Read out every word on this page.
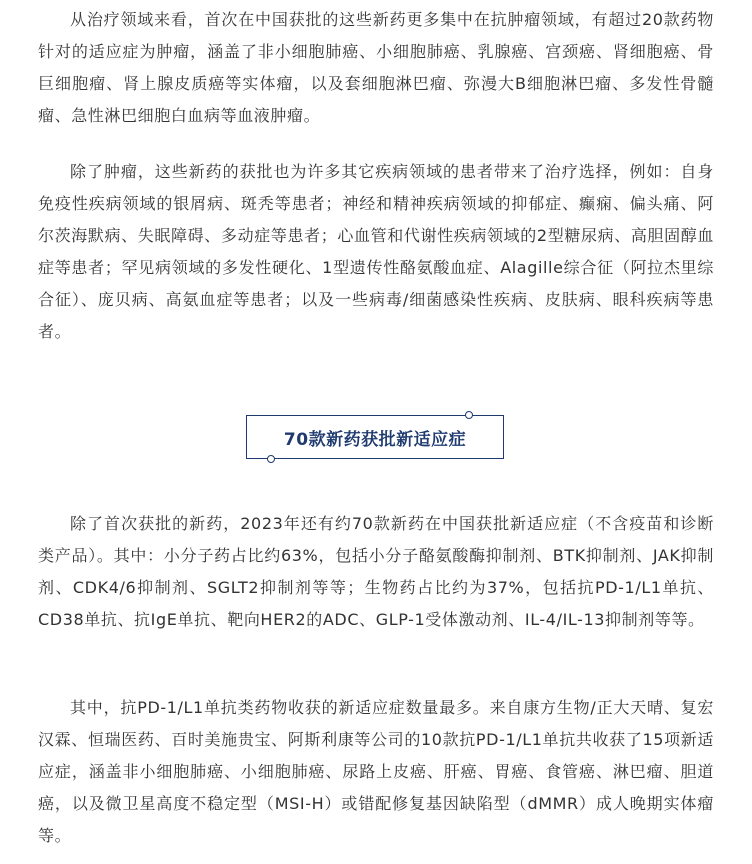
从治疗领域来看，首次在中国获批的这些新药更多集中在抗肿瘤领域，有超过20款药物针对的适应症为肿瘤，涵盖了非小细胞肺癌、小细胞肺癌、乳腺癌、宫颈癌、肾细胞癌、骨巨细胞瘤、肾上腺皮质癌等实体瘤，以及套细胞淋巴瘤、弥漫大B细胞淋巴瘤、多发性骨髓瘤、急性淋巴细胞白血病等血液肿瘤。

除了肿瘤，这些新药的获批也为许多其它疾病领域的患者带来了治疗选择，例如：自身免疫性疾病领域的银屑病、斑秃等患者；神经和精神疾病领域的抑郁症、癫痫、偏头痛、阿尔茨海默病、失眠障碍、多动症等患者；心血管和代谢性疾病领域的2型糖尿病、高胆固醇血症等患者；罕见病领域的多发性硬化、1型遗传性酪氨酸血症、Alagille综合征（阿拉杰里综合征）、庞贝病、高氨血症等患者；以及一些病毒/细菌感染性疾病、皮肤病、眼科疾病等患者。

70款新药获批新适应症

除了首次获批的新药，2023年还有约70款新药在中国获批新适应症（不含疫苗和诊断类产品）。其中：小分子药占比约63%，包括小分子酪氨酸酶抑制剂、BTK抑制剂、JAK抑制剂、CDK4/6抑制剂、SGLT2抑制剂等等；生物药占比约为37%，包括抗PD-1/L1单抗、CD38单抗、抗IgE单抗、靶向HER2的ADC、GLP-1受体激动剂、IL-4/IL-13抑制剂等等。

其中，抗PD-1/L1单抗类药物收获的新适应症数量最多。来自康方生物/正大天晴、复宏汉霖、恒瑞医药、百时美施贵宝、阿斯利康等公司的10款抗PD-1/L1单抗共收获了15项新适应症，涵盖非小细胞肺癌、小细胞肺癌、尿路上皮癌、肝癌、胃癌、食管癌、淋巴瘤、胆道癌，以及微卫星高度不稳定型（MSI-H）或错配修复基因缺陷型（dMMR）成人晚期实体瘤等。
